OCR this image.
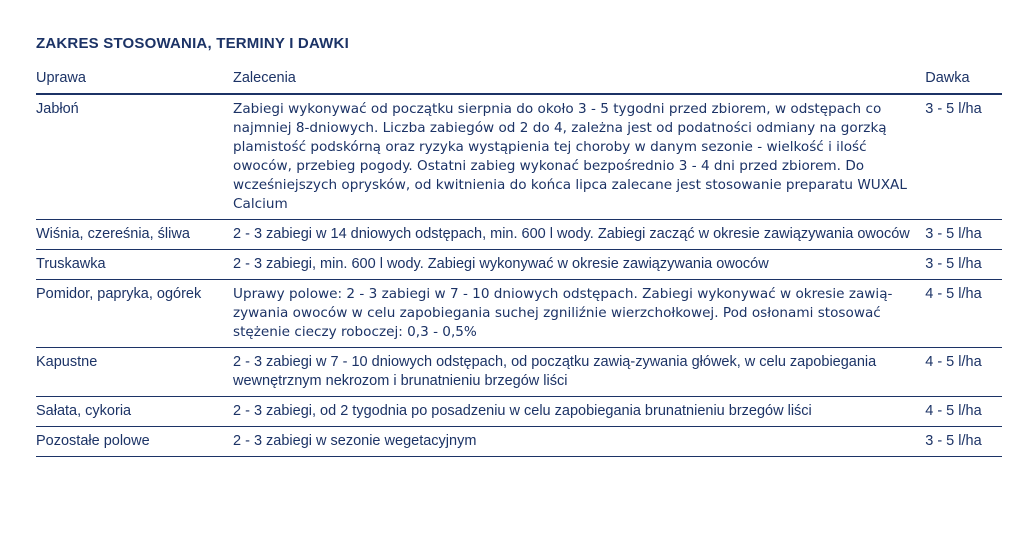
ZAKRES STOSOWANIA, TERMINY I DAWKI
Uprawa	Zalecenia	Dawka
Jabłoń	Zabiegi wykonywać od początku sierpnia do około 3 - 5 tygodni przed zbiorem, w odstępach co najmniej 8-dniowych. Liczba zabiegów od 2 do 4, zależna jest od podatności odmiany na gorzką plamistość podskórną oraz ryzyka wystąpienia tej choroby w danym sezonie - wielkość i ilość owoców, przebieg pogody. Ostatni zabieg wykonać bezpośrednio 3 - 4 dni przed zbiorem. Do wcześniejszych oprysków, od kwitnienia do końca lipca zalecane jest stosowanie preparatu WUXAL Calcium	3 - 5 l/ha
Wiśnia, czereśnia, śliwa	2 - 3 zabiegi w 14 dniowych odstępach, min. 600 l wody. Zabiegi zacząć w okresie zawiązywania owoców	3 - 5 l/ha
Truskawka	2 - 3 zabiegi, min. 600 l wody. Zabiegi wykonywać w okresie zawiązywania owoców	3 - 5 l/ha
Pomidor, papryka, ogórek	Uprawy polowe: 2 - 3 zabiegi w 7 - 10 dniowych odstępach. Zabiegi wykonywać w okresie zawią-zywania owoców w celu zapobiegania suchej zgniliźnie wierzchołkowej. Pod osłonami stosować stężenie cieczy roboczej: 0,3 - 0,5%	4 - 5 l/ha
Kapustne	2 - 3 zabiegi w 7 - 10 dniowych odstępach, od początku zawią-zywania główek, w celu zapobiegania wewnętrznym nekrozom i brunatnieniu brzegów liści	4 - 5 l/ha
Sałata, cykoria	2 - 3 zabiegi, od 2 tygodnia po posadzeniu w celu zapobiegania brunatnieniu brzegów liści	4 - 5 l/ha
Pozostałe polowe	2 - 3 zabiegi w sezonie wegetacyjnym	3 - 5 l/ha
